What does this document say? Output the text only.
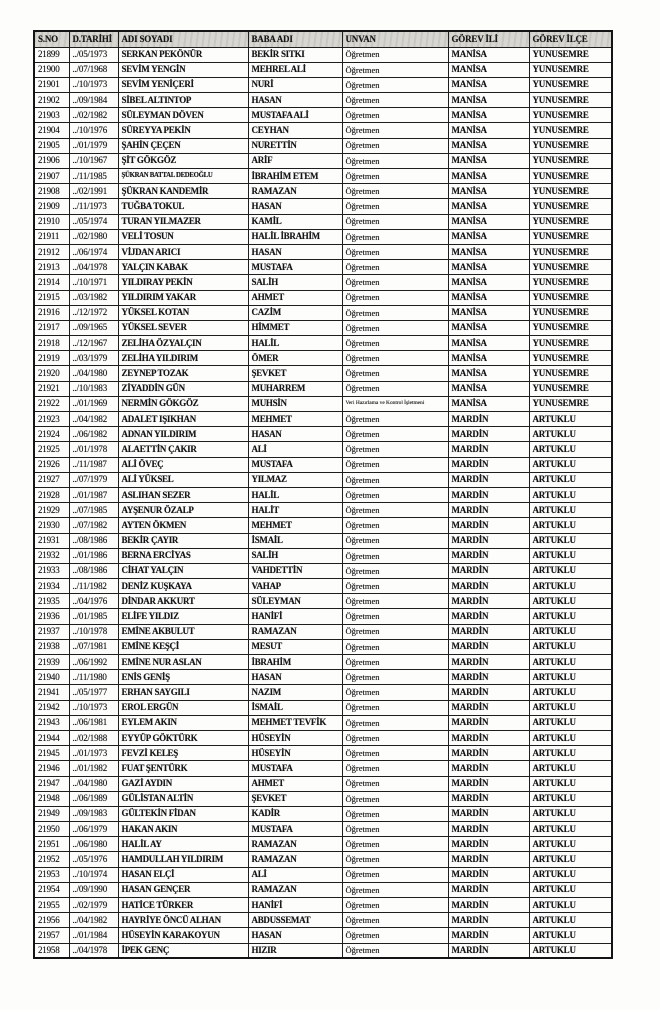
S.NO	D.TARİHİ	ADI SOYADI	BABA ADI	UNVAN	GÖREV İLİ	GÖREV İLÇE
21899	../05/1973	SERKAN PEKÖNÜR	BEKİR SITKI	Öğretmen	MANİSA	YUNUSEMRE
21900	../07/1968	SEVİM YENGİN	MEHREL ALİ	Öğretmen	MANİSA	YUNUSEMRE
21901	../10/1973	SEVİM YENİÇERİ	NURİ	Öğretmen	MANİSA	YUNUSEMRE
21902	../09/1984	SİBEL ALTINTOP	HASAN	Öğretmen	MANİSA	YUNUSEMRE
21903	../02/1982	SÜLEYMAN DÖVEN	MUSTAFA ALİ	Öğretmen	MANİSA	YUNUSEMRE
21904	../10/1976	SÜREYYA PEKİN	CEYHAN	Öğretmen	MANİSA	YUNUSEMRE
21905	../01/1979	ŞAHİN ÇEÇEN	NURETTİN	Öğretmen	MANİSA	YUNUSEMRE
21906	../10/1967	ŞİT GÖKGÖZ	ARİF	Öğretmen	MANİSA	YUNUSEMRE
21907	../11/1985	ŞÜKRAN BATTAL DEDEOĞLU	İBRAHİM ETEM	Öğretmen	MANİSA	YUNUSEMRE
21908	../02/1991	ŞÜKRAN KANDEMİR	RAMAZAN	Öğretmen	MANİSA	YUNUSEMRE
21909	../11/1973	TUĞBA TOKUL	HASAN	Öğretmen	MANİSA	YUNUSEMRE
21910	../05/1974	TURAN YILMAZER	KAMİL	Öğretmen	MANİSA	YUNUSEMRE
21911	../02/1980	VELİ TOSUN	HALİL İBRAHİM	Öğretmen	MANİSA	YUNUSEMRE
21912	../06/1974	VİJDAN ARICI	HASAN	Öğretmen	MANİSA	YUNUSEMRE
21913	../04/1978	YALÇIN KABAK	MUSTAFA	Öğretmen	MANİSA	YUNUSEMRE
21914	../10/1971	YILDIRAY PEKİN	SALİH	Öğretmen	MANİSA	YUNUSEMRE
21915	../03/1982	YILDIRIM YAKAR	AHMET	Öğretmen	MANİSA	YUNUSEMRE
21916	../12/1972	YÜKSEL KOTAN	CAZİM	Öğretmen	MANİSA	YUNUSEMRE
21917	../09/1965	YÜKSEL SEVER	HİMMET	Öğretmen	MANİSA	YUNUSEMRE
21918	../12/1967	ZELİHA ÖZYALÇIN	HALİL	Öğretmen	MANİSA	YUNUSEMRE
21919	../03/1979	ZELİHA YILDIRIM	ÖMER	Öğretmen	MANİSA	YUNUSEMRE
21920	../04/1980	ZEYNEP TOZAK	ŞEVKET	Öğretmen	MANİSA	YUNUSEMRE
21921	../10/1983	ZİYADDİN GÜN	MUHARREM	Öğretmen	MANİSA	YUNUSEMRE
21922	../01/1969	NERMİN GÖKGÖZ	MUHSİN	Veri Hazırlama ve Kontrol İşletmeni	MANİSA	YUNUSEMRE
21923	../04/1982	ADALET IŞIKHAN	MEHMET	Öğretmen	MARDİN	ARTUKLU
21924	../06/1982	ADNAN YILDIRIM	HASAN	Öğretmen	MARDİN	ARTUKLU
21925	../01/1978	ALAETTİN ÇAKIR	ALİ	Öğretmen	MARDİN	ARTUKLU
21926	../11/1987	ALİ ÖVEÇ	MUSTAFA	Öğretmen	MARDİN	ARTUKLU
21927	../07/1979	ALİ YÜKSEL	YILMAZ	Öğretmen	MARDİN	ARTUKLU
21928	../01/1987	ASLIHAN SEZER	HALİL	Öğretmen	MARDİN	ARTUKLU
21929	../07/1985	AYŞENUR ÖZALP	HALİT	Öğretmen	MARDİN	ARTUKLU
21930	../07/1982	AYTEN ÖKMEN	MEHMET	Öğretmen	MARDİN	ARTUKLU
21931	../08/1986	BEKİR ÇAYIR	İSMAİL	Öğretmen	MARDİN	ARTUKLU
21932	../01/1986	BERNA ERCİYAS	SALİH	Öğretmen	MARDİN	ARTUKLU
21933	../08/1986	CİHAT YALÇIN	VAHDETTİN	Öğretmen	MARDİN	ARTUKLU
21934	../11/1982	DENİZ KUŞKAYA	VAHAP	Öğretmen	MARDİN	ARTUKLU
21935	../04/1976	DİNDAR AKKURT	SÜLEYMAN	Öğretmen	MARDİN	ARTUKLU
21936	../01/1985	ELİFE YILDIZ	HANİFİ	Öğretmen	MARDİN	ARTUKLU
21937	../10/1978	EMİNE AKBULUT	RAMAZAN	Öğretmen	MARDİN	ARTUKLU
21938	../07/1981	EMİNE KEŞÇİ	MESUT	Öğretmen	MARDİN	ARTUKLU
21939	../06/1992	EMİNE NUR ASLAN	İBRAHİM	Öğretmen	MARDİN	ARTUKLU
21940	../11/1980	ENİS GENİŞ	HASAN	Öğretmen	MARDİN	ARTUKLU
21941	../05/1977	ERHAN SAYGILI	NAZIM	Öğretmen	MARDİN	ARTUKLU
21942	../10/1973	EROL ERGÜN	İSMAİL	Öğretmen	MARDİN	ARTUKLU
21943	../06/1981	EYLEM AKIN	MEHMET TEVFİK	Öğretmen	MARDİN	ARTUKLU
21944	../02/1988	EYYÜP GÖKTÜRK	HÜSEYİN	Öğretmen	MARDİN	ARTUKLU
21945	../01/1973	FEVZİ KELEŞ	HÜSEYİN	Öğretmen	MARDİN	ARTUKLU
21946	../01/1982	FUAT ŞENTÜRK	MUSTAFA	Öğretmen	MARDİN	ARTUKLU
21947	../04/1980	GAZİ AYDIN	AHMET	Öğretmen	MARDİN	ARTUKLU
21948	../06/1989	GÜLİSTAN ALTİN	ŞEVKET	Öğretmen	MARDİN	ARTUKLU
21949	../09/1983	GÜLTEKİN FİDAN	KADİR	Öğretmen	MARDİN	ARTUKLU
21950	../06/1979	HAKAN AKIN	MUSTAFA	Öğretmen	MARDİN	ARTUKLU
21951	../06/1980	HALİL AY	RAMAZAN	Öğretmen	MARDİN	ARTUKLU
21952	../05/1976	HAMDULLAH YILDIRIM	RAMAZAN	Öğretmen	MARDİN	ARTUKLU
21953	../10/1974	HASAN ELÇİ	ALİ	Öğretmen	MARDİN	ARTUKLU
21954	../09/1990	HASAN GENÇER	RAMAZAN	Öğretmen	MARDİN	ARTUKLU
21955	../02/1979	HATİCE TÜRKER	HANİFİ	Öğretmen	MARDİN	ARTUKLU
21956	../04/1982	HAYRİYE ÖNCÜ ALHAN	ABDUSSEMAT	Öğretmen	MARDİN	ARTUKLU
21957	../01/1984	HÜSEYİN KARAKOYUN	HASAN	Öğretmen	MARDİN	ARTUKLU
21958	../04/1978	İPEK GENÇ	HIZIR	Öğretmen	MARDİN	ARTUKLU
